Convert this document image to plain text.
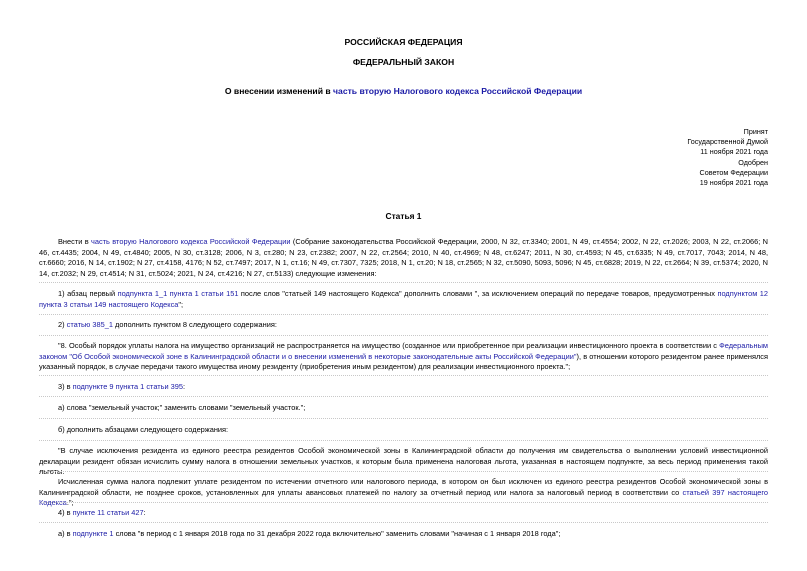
РОССИЙСКАЯ ФЕДЕРАЦИЯ
ФЕДЕРАЛЬНЫЙ ЗАКОН
О внесении изменений в часть вторую Налогового кодекса Российской Федерации
Принят
Государственной Думой
11 ноября 2021 года
Одобрен
Советом Федерации
19 ноября 2021 года
Статья 1
Внести в часть вторую Налогового кодекса Российской Федерации (Собрание законодательства Российской Федерации, 2000, N 32, ст.3340; 2001, N 49, ст.4554; 2002, N 22, ст.2026; 2003, N 22, ст.2066; N 46, ст.4435; 2004, N 49, ст.4840; 2005, N 30, ст.3128; 2006, N 3, ст.280; N 23, ст.2382; 2007, N 22, ст.2564; 2010, N 40, ст.4969; N 48, ст.6247; 2011, N 30, ст.4593; N 45, ст.6335; N 49, ст.7017, 7043; 2014, N 48, ст.6660; 2016, N 14, ст.1902; N 27, ст.4158, 4176; N 52, ст.7497; 2017, N 1, ст.16; N 49, ст.7307, 7325; 2018, N 1, ст.20; N 18, ст.2565; N 32, ст.5090, 5093, 5096; N 45, ст.6828; 2019, N 22, ст.2664; N 39, ст.5374; 2020, N 14, ст.2032; N 29, ст.4514; N 31, ст.5024; 2021, N 24, ст.4216; N 27, ст.5133) следующие изменения:
1) абзац первый подпункта 1_1 пункта 1 статьи 151 после слов "статьей 149 настоящего Кодекса" дополнить словами ", за исключением операций по передаче товаров, предусмотренных подпунктом 12 пункта 3 статьи 149 настоящего Кодекса";
2) статью 385_1 дополнить пунктом 8 следующего содержания:
"8. Особый порядок уплаты налога на имущество организаций не распространяется на имущество (созданное или приобретенное при реализации инвестиционного проекта в соответствии с Федеральным законом "Об Особой экономической зоне в Калининградской области и о внесении изменений в некоторые законодательные акты Российской Федерации"), в отношении которого резидентом ранее применялся указанный порядок, в случае передачи такого имущества иному резиденту (приобретения иным резидентом) для реализации инвестиционного проекта.";
3) в подпункте 9 пункта 1 статьи 395:
а) слова "земельный участок;" заменить словами "земельный участок.";
б) дополнить абзацами следующего содержания:
"В случае исключения резидента из единого реестра резидентов Особой экономической зоны в Калининградской области до получения им свидетельства о выполнении условий инвестиционной декларации резидент обязан исчислить сумму налога в отношении земельных участков, к которым была применена налоговая льгота, указанная в настоящем подпункте, за весь период применения такой льготы.
Исчисленная сумма налога подлежит уплате резидентом по истечении отчетного или налогового периода, в котором он был исключен из единого реестра резидентов Особой экономической зоны в Калининградской области, не позднее сроков, установленных для уплаты авансовых платежей по налогу за отчетный период или налога за налоговый период в соответствии со статьей 397 настоящего Кодекса.";
4) в пункте 11 статьи 427:
а) в подпункте 1 слова "в период с 1 января 2018 года по 31 декабря 2022 года включительно" заменить словами "начиная с 1 января 2018 года";
